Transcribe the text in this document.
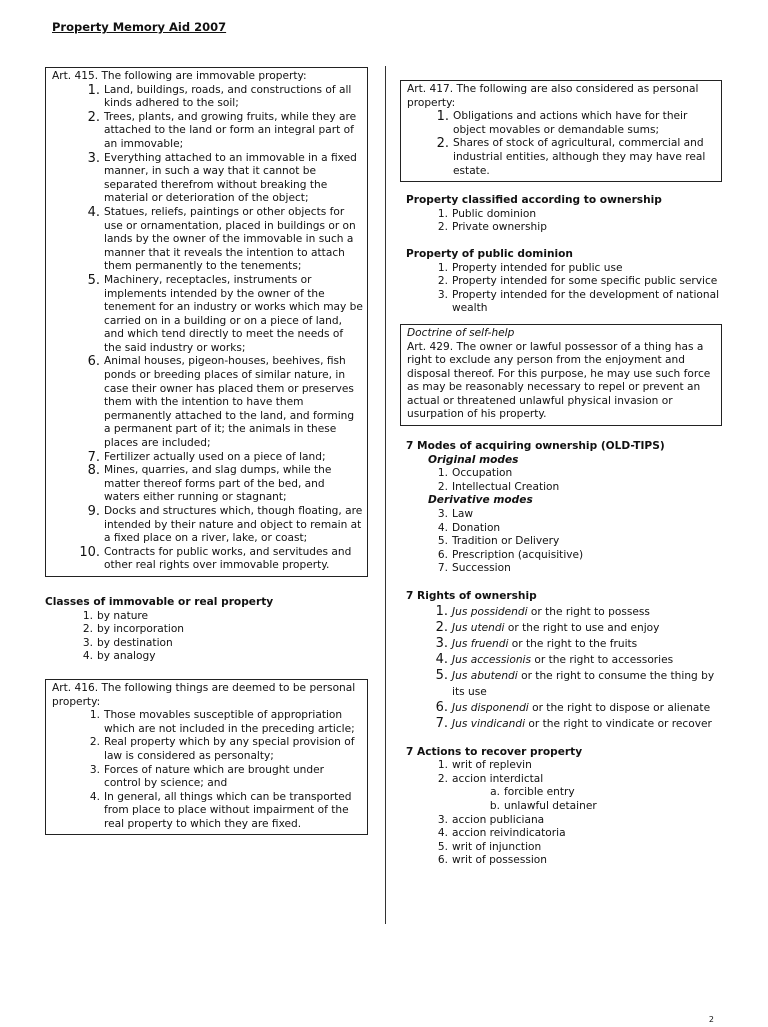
Property Memory Aid 2007

Art. 415. The following are immovable property:

1. Land, buildings, roads, and constructions of all kinds adhered to the soil;
2. Trees, plants, and growing fruits, while they are attached to the land or form an integral part of an immovable;
3. Everything attached to an immovable in a fixed manner, in such a way that it cannot be separated therefrom without breaking the material or deterioration of the object;
4. Statues, reliefs, paintings or other objects for use or ornamentation, placed in buildings or on lands by the owner of the immovable in such a manner that it reveals the intention to attach them permanently to the tenements;
5. Machinery, receptacles, instruments or implements intended by the owner of the tenement for an industry or works which may be carried on in a building or on a piece of land, and which tend directly to meet the needs of the said industry or works;
6. Animal houses, pigeon-houses, beehives, fish ponds or breeding places of similar nature, in case their owner has placed them or preserves them with the intention to have them permanently attached to the land, and forming a permanent part of it; the animals in these places are included;
7. Fertilizer actually used on a piece of land;
8. Mines, quarries, and slag dumps, while the matter thereof forms part of the bed, and waters either running or stagnant;
9. Docks and structures which, though floating, are intended by their nature and object to remain at a fixed place on a river, lake, or coast;
10. Contracts for public works, and servitudes and other real rights over immovable property.

Classes of immovable or real property

1. by nature
2. by incorporation
3. by destination
4. by analogy

Art. 416. The following things are deemed to be personal property:

1. Those movables susceptible of appropriation which are not included in the preceding article;
2. Real property which by any special provision of law is considered as personalty;
3. Forces of nature which are brought under control by science; and
4. In general, all things which can be transported from place to place without impairment of the real property to which they are fixed.

Art. 417. The following are also considered as personal property:

1. Obligations and actions which have for their object movables or demandable sums;
2. Shares of stock of agricultural, commercial and industrial entities, although they may have real estate.

Property classified according to ownership

1. Public dominion
2. Private ownership

Property of public dominion

1. Property intended for public use
2. Property intended for some specific public service
3. Property intended for the development of national wealth

Doctrine of self-help

Art. 429. The owner or lawful possessor of a thing has a right to exclude any person from the enjoyment and disposal thereof. For this purpose, he may use such force as may be reasonably necessary to repel or prevent an actual or threatened unlawful physical invasion or usurpation of his property.

7 Modes of acquiring ownership (OLD-TIPS)

Original modes
1. Occupation
2. Intellectual Creation
Derivative modes
3. Law
4. Donation
5. Tradition or Delivery
6. Prescription (acquisitive)
7. Succession

7 Rights of ownership

1. Jus possidendi or the right to possess
2. Jus utendi or the right to use and enjoy
3. Jus fruendi or the right to the fruits
4. Jus accessionis or the right to accessories
5. Jus abutendi or the right to consume the thing by its use
6. Jus disponendi or the right to dispose or alienate
7. Jus vindicandi or the right to vindicate or recover

7 Actions to recover property

1. writ of replevin
2. accion interdictal
a. forcible entry
b. unlawful detainer
3. accion publiciana
4. accion reivindicatoria
5. writ of injunction
6. writ of possession
2
